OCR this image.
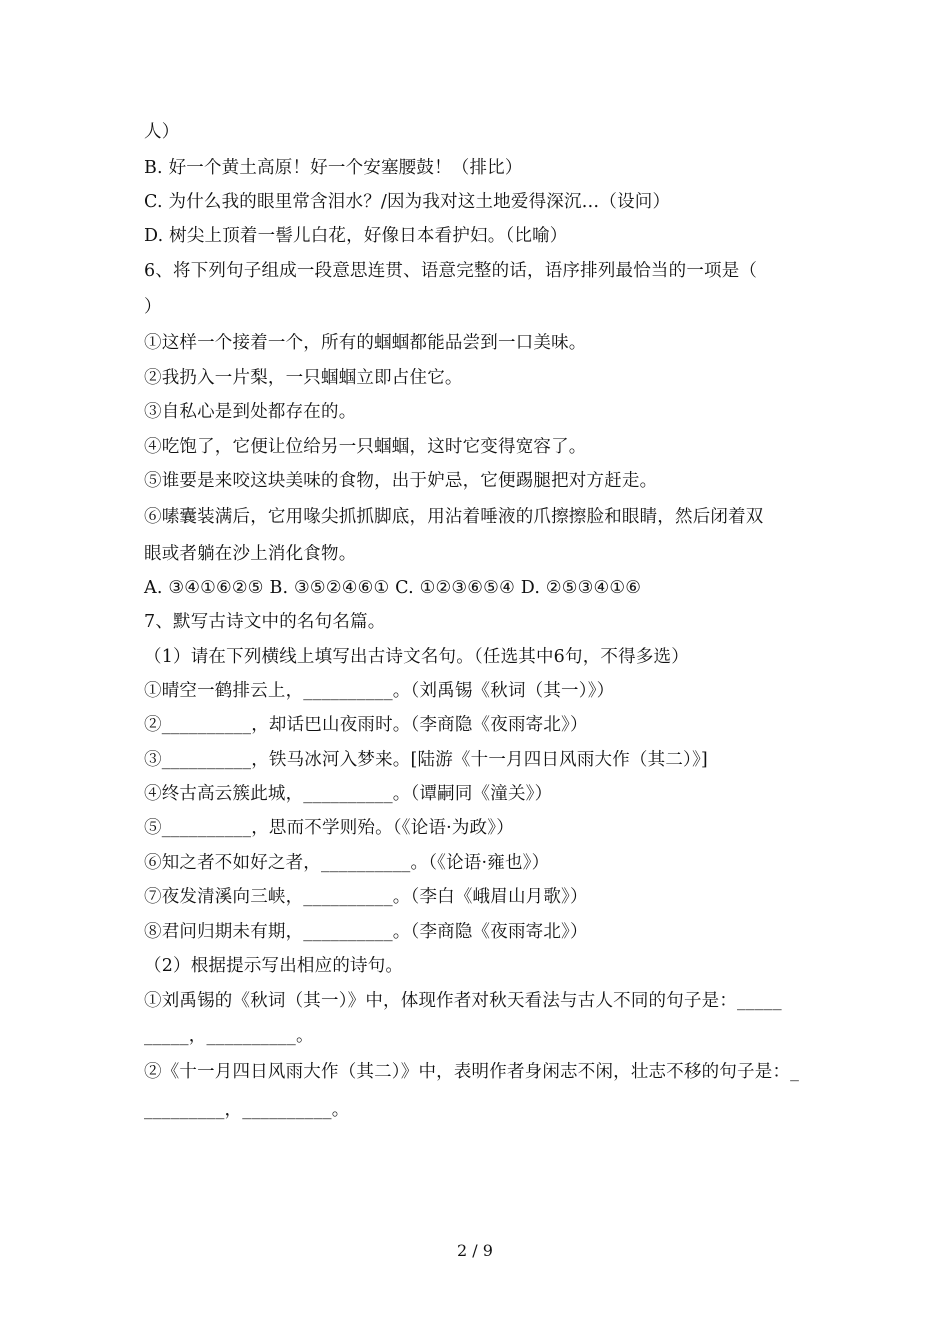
人）
B. 好一个黄土高原！好一个安塞腰鼓！（排比）
C. 为什么我的眼里常含泪水？/因为我对这土地爱得深沉…（设问）
D. 树尖上顶着一髻儿白花，好像日本看护妇。（比喻）
6、将下列句子组成一段意思连贯、语意完整的话，语序排列最恰当的一项是（
）
①这样一个接着一个，所有的蝈蝈都能品尝到一口美味。
②我扔入一片梨，一只蝈蝈立即占住它。
③自私心是到处都存在的。
④吃饱了，它便让位给另一只蝈蝈，这时它变得宽容了。
⑤谁要是来咬这块美味的食物，出于妒忌，它便踢腿把对方赶走。
⑥嗉囊装满后，它用喙尖抓抓脚底，用沾着唾液的爪擦擦脸和眼睛，然后闭着双
眼或者躺在沙上消化食物。
A. ③④①⑥②⑤ B. ③⑤②④⑥① C. ①②③⑥⑤④ D. ②⑤③④①⑥
7、默写古诗文中的名句名篇。
（1）请在下列横线上填写出古诗文名句。（任选其中6句，不得多选）
①晴空一鹤排云上，__________。（刘禹锡《秋词（其一）》）
②__________，却话巴山夜雨时。（李商隐《夜雨寄北》）
③__________，铁马冰河入梦来。[陆游《十一月四日风雨大作（其二）》]
④终古高云簇此城，__________。（谭嗣同《潼关》）
⑤__________，思而不学则殆。（《论语·为政》）
⑥知之者不如好之者，__________。（《论语·雍也》）
⑦夜发清溪向三峡，__________。（李白《峨眉山月歌》）
⑧君问归期未有期，__________。（李商隐《夜雨寄北》）
（2）根据提示写出相应的诗句。
①刘禹锡的《秋词（其一）》中，体现作者对秋天看法与古人不同的句子是：_____
_____，__________。
②《十一月四日风雨大作（其二）》中，表明作者身闲志不闲，壮志不移的句子是：_
_________，__________。
2 / 9
